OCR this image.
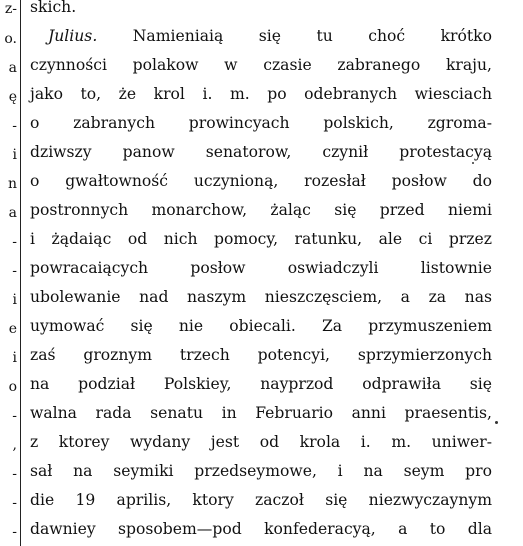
z-
o.
a
ę
-
i
n
a
-
-
i
e
i
o
-
,
-
-
-
skich.
Julius. Namieniaią się tu choć krótko
czynności polakow w czasie zabranego kraju,
jako to, że krol i. m. po odebranych wiesciach
o zabranych prowincyach polskich, zgroma-
dziwszy panow senatorow, czynił protestacyą
o gwałtowność uczynioną, rozesłał posłow do
postronnych monarchow, żaląc się przed niemi
i żądaiąc od nich pomocy, ratunku, ale ci przez
powracaiących posłow oswiadczyli listownie
ubolewanie nad naszym nieszczęsciem, a za nas
uymować się nie obiecali. Za przymuszeniem
zaś groznym trzech potencyi, sprzymierzonych
na podział Polskiey, nayprzod odprawiła się
walna rada senatu in Februario anni praesentis,
z ktorey wydany jest od krola i. m. uniwer-
sał na seymiki przedseymowe, i na seym pro
die 19 aprilis, ktory zaczoł się niezwyczaynym
dawniey sposobem—pod konfederacyą, a to dla
